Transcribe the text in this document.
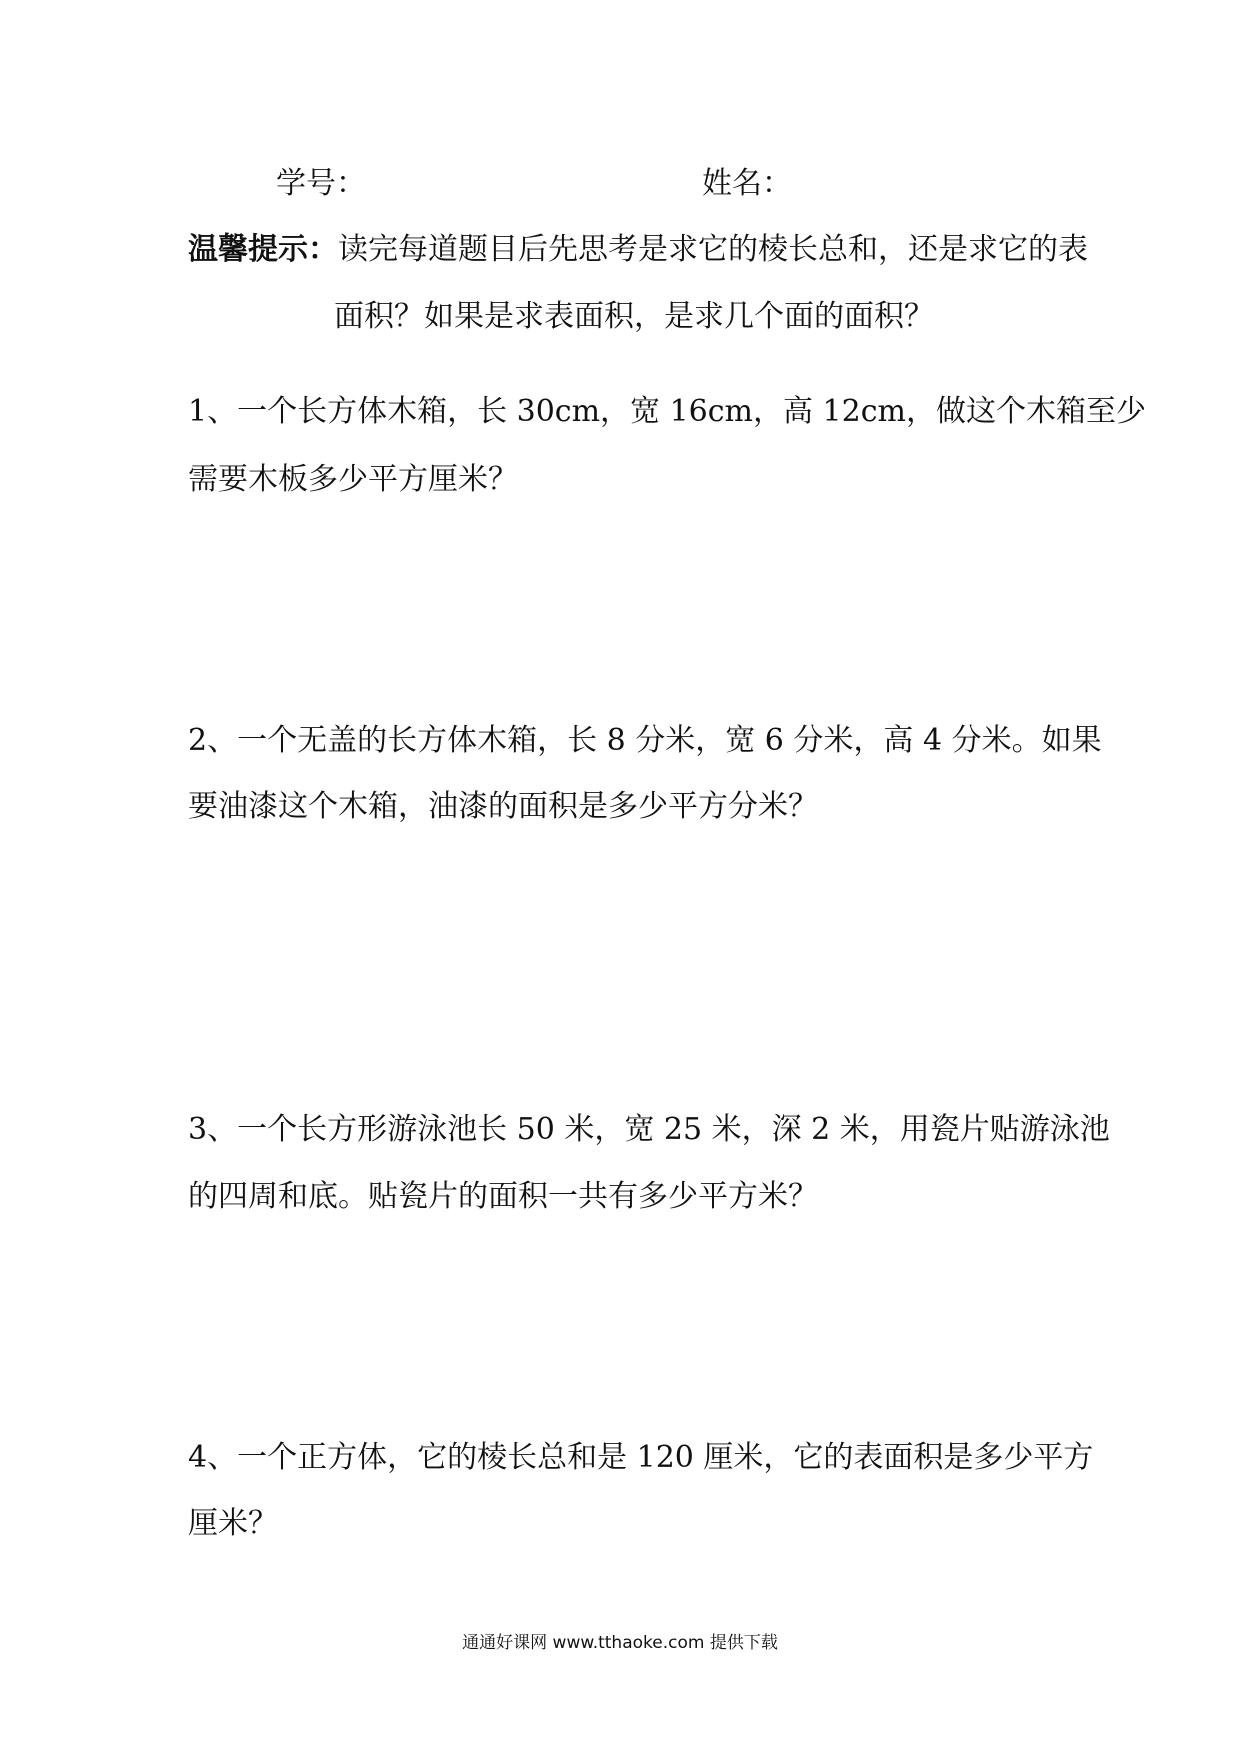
学号：	姓名：
温馨提示：读完每道题目后先思考是求它的棱长总和，还是求它的表
面积？如果是求表面积，是求几个面的面积？
1、一个长方体木箱，长 30cm，宽 16cm，高 12cm，做这个木箱至少
需要木板多少平方厘米？
2、一个无盖的长方体木箱，长 8 分米，宽 6 分米，高 4 分米。如果
要油漆这个木箱，油漆的面积是多少平方分米？
3、一个长方形游泳池长 50 米，宽 25 米，深 2 米，用瓷片贴游泳池
的四周和底。贴瓷片的面积一共有多少平方米？
4、一个正方体，它的棱长总和是 120 厘米，它的表面积是多少平方
厘米？
通通好课网 www.tthaoke.com 提供下载
